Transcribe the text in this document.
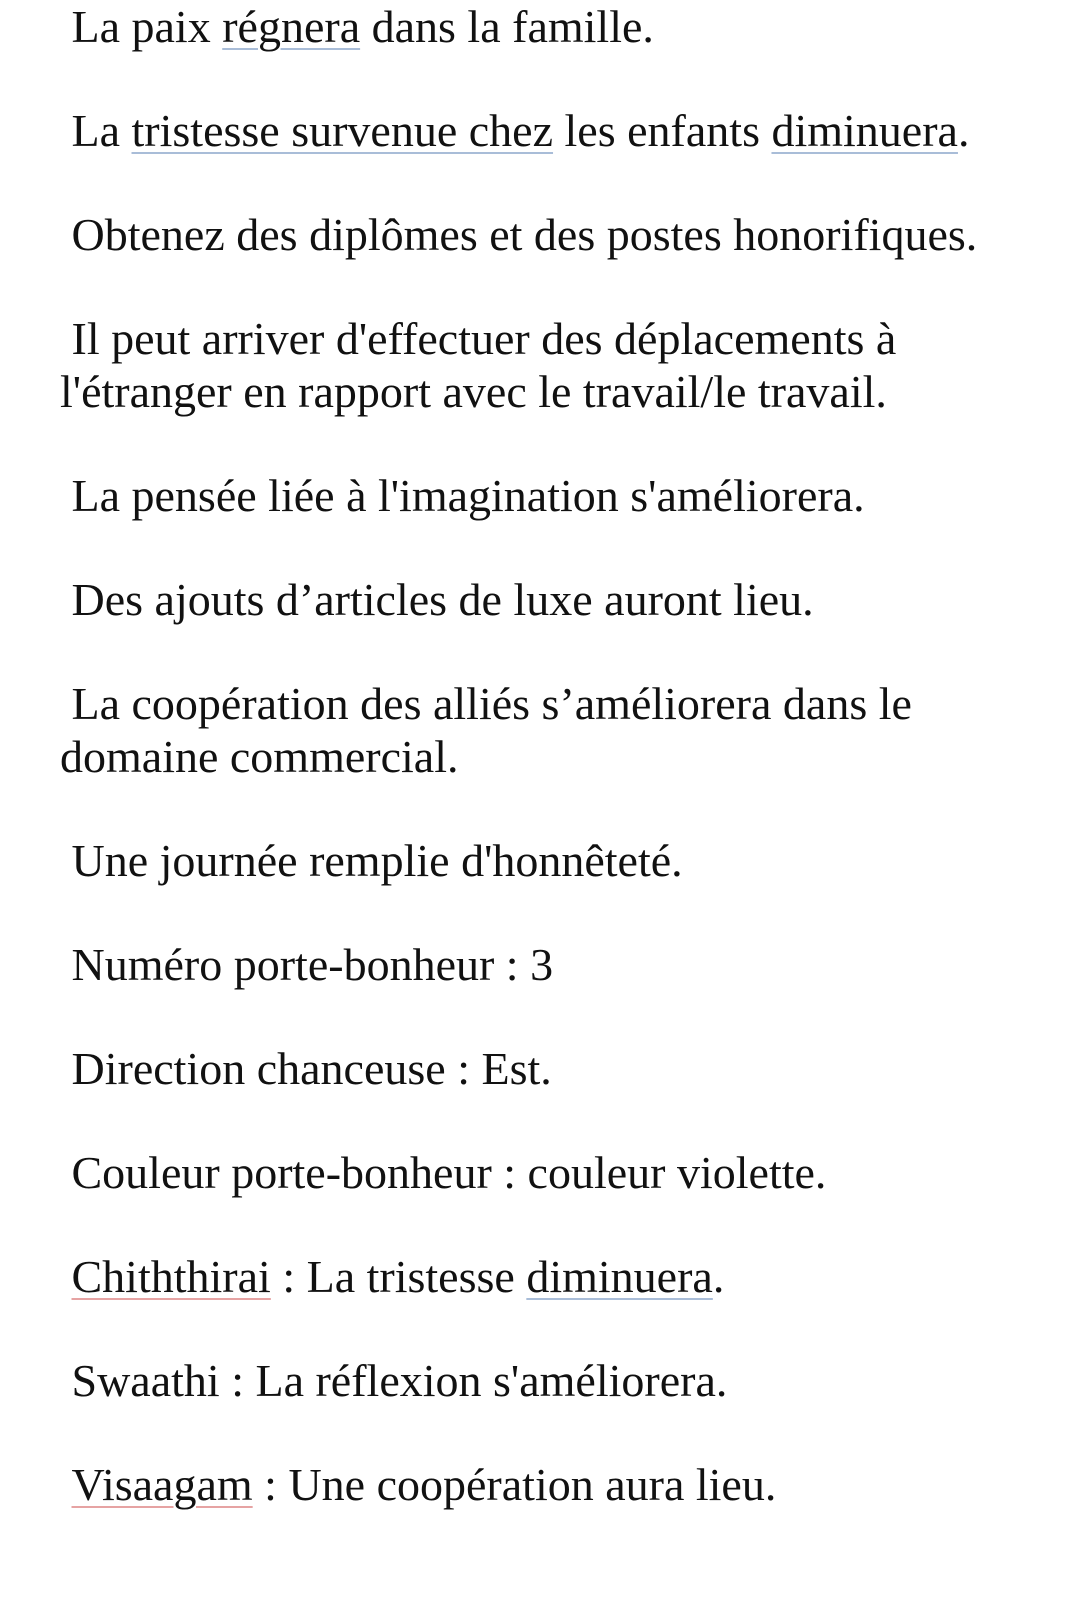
La paix régnera dans la famille.

La tristesse survenue chez les enfants diminuera.

Obtenez des diplômes et des postes honorifiques.

Il peut arriver d'effectuer des déplacements à l'étranger en rapport avec le travail/le travail.

La pensée liée à l'imagination s'améliorera.

Des ajouts d’articles de luxe auront lieu.

La coopération des alliés s’améliorera dans le domaine commercial.

Une journée remplie d'honnêteté.

Numéro porte-bonheur : 3

Direction chanceuse : Est.

Couleur porte-bonheur : couleur violette.

Chiththirai : La tristesse diminuera.

Swaathi : La réflexion s'améliorera.

Visaagam : Une coopération aura lieu.
